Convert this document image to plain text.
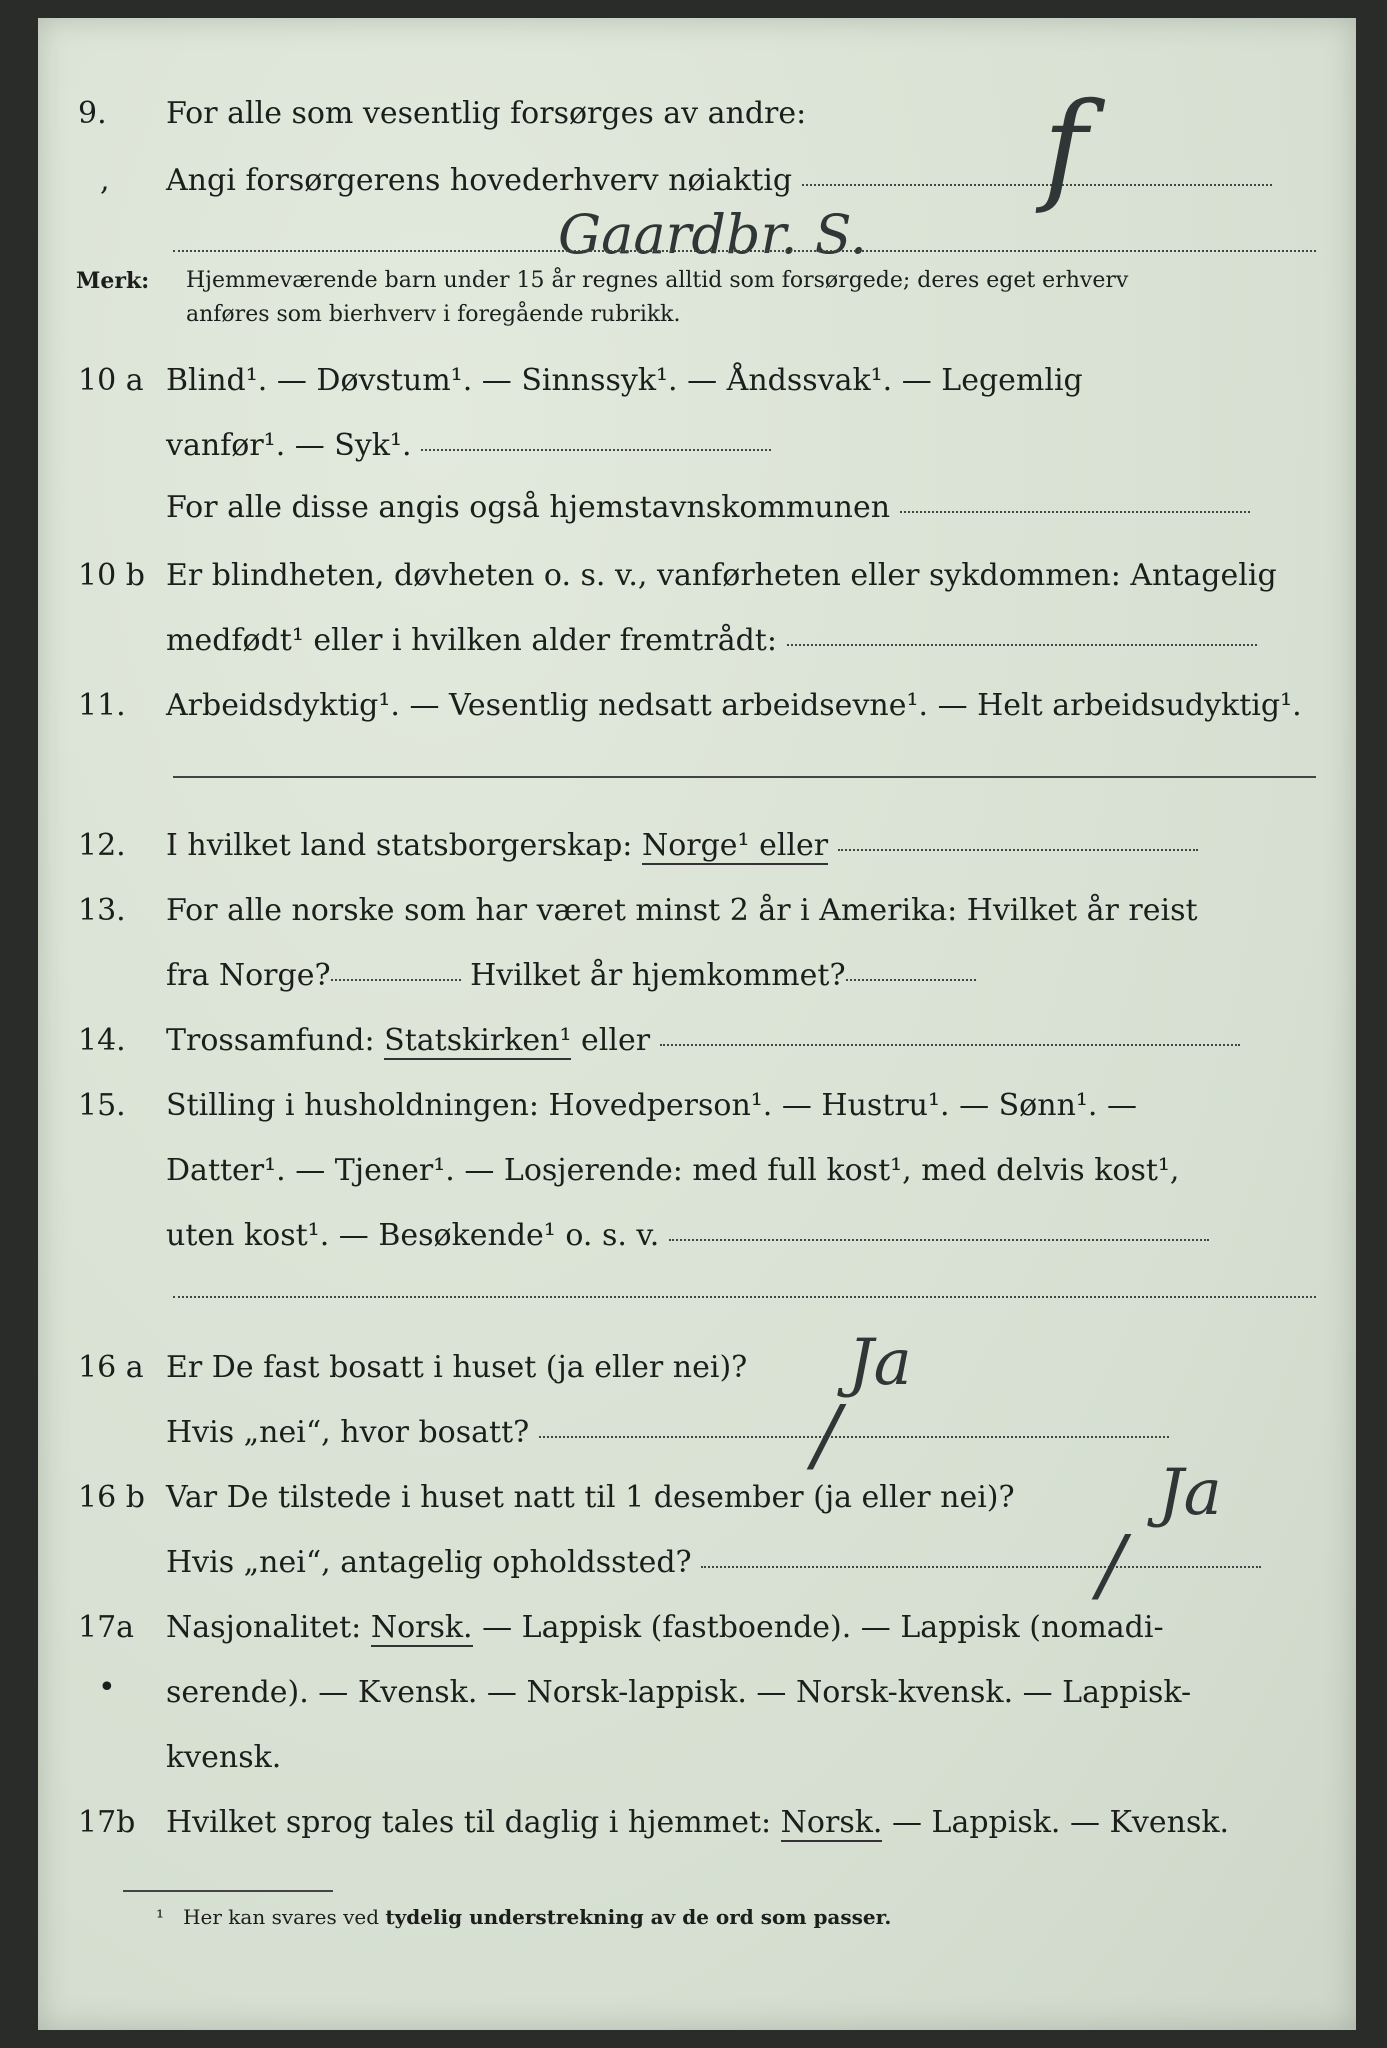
9. For alle som vesentlig forsørges av andre:
, Angi forsørgerens hovederhverv nøiaktig	f
Gaardbr. S.
Merk: Hjemmeværende barn under 15 år regnes alltid som forsørgede; deres eget erhverv
anføres som bierhverv i foregående rubrikk.
10 a Blind¹. — Døvstum¹. — Sinnssyk¹. — Åndssvak¹. — Legemlig
vanfør¹. — Syk¹.
For alle disse angis også hjemstavnskommunen
10 b Er blindheten, døvheten o. s. v., vanførheten eller sykdommen: Antagelig
medfødt¹ eller i hvilken alder fremtrådt:
11. Arbeidsdyktig¹. — Vesentlig nedsatt arbeidsevne¹. — Helt arbeidsudyktig¹.
12. I hvilket land statsborgerskap: Norge¹ eller
13. For alle norske som har været minst 2 år i Amerika: Hvilket år reist
fra Norge?	Hvilket år hjemkommet?
14. Trossamfund: Statskirken¹ eller
15. Stilling i husholdningen: Hovedperson¹. — Hustru¹. — Sønn¹. —
Datter¹. — Tjener¹. — Losjerende: med full kost¹, med delvis kost¹,
uten kost¹. — Besøkende¹ o. s. v.
16 a Er De fast bosatt i huset (ja eller nei)?	Ja
Hvis „nei“, hvor bosatt?	/
16 b Var De tilstede i huset natt til 1 desember (ja eller nei)?	Ja
Hvis „nei“, antagelig opholdssted?	/
17a Nasjonalitet: Norsk. — Lappisk (fastboende). — Lappisk (nomadi-
• serende). — Kvensk. — Norsk-lappisk. — Norsk-kvensk. — Lappisk-
kvensk.
17b Hvilket sprog tales til daglig i hjemmet: Norsk. — Lappisk. — Kvensk.
¹ Her kan svares ved tydelig understrekning av de ord som passer.
